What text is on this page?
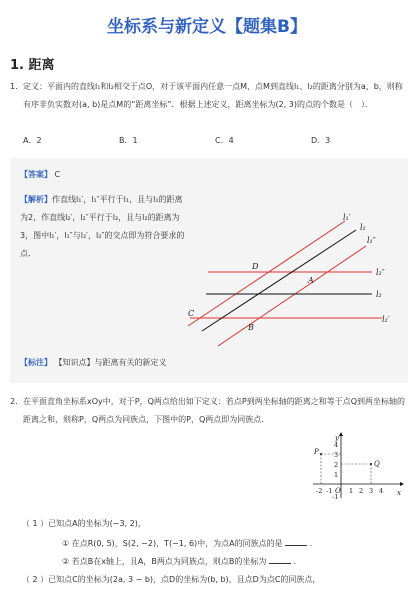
坐标系与新定义【题集B】
1. 距离
1. 定义：平面内的直线l₁和l₂相交于点O，对于该平面内任意一点M，点M到直线l₁、l₂的距离分别为a、b，则称有序非负实数对(a, b)是点M的“距离坐标”．根据上述定义，距离坐标为(2, 3)的点的个数是（　）．
A．2	B．1	C．4	D．3
【答案】 C
【解析】作直线l₁′，l₁″平行于l₁，且与l₁的距离为2，作直线l₂′，l₂″平行于l₂，且与l₂的距离为3，图中l₁′，l₁″与l₂′，l₂″的交点即为符合要求的点．
l₁′
l₁
l₁″
l₂″
l₂
l₂′
D
A
C
B
【标注】 【知识点】与距离有关的新定义
2. 在平面直角坐标系xOy中，对于P，Q两点给出如下定义：若点P到两坐标轴的距离之和等于点Q到两坐标轴的距离之和，则称P，Q两点为同族点，下图中的P，Q两点即为同族点．
y
x
O
-2 -1	1 2 3 4
4
3
2
1
-1
P
Q
（ 1 ）已知点A的坐标为(−3, 2)，
① 在点R(0, 5)，S(2, −2)，T(−1, 6)中，为点A的同族点的是	．
② 若点B在x轴上，且A，B两点为同族点，则点B的坐标为	．
（ 2 ）已知点C的坐标为(2a, 3 − b)，点D的坐标为(b, b)，且点D为点C的同族点，
